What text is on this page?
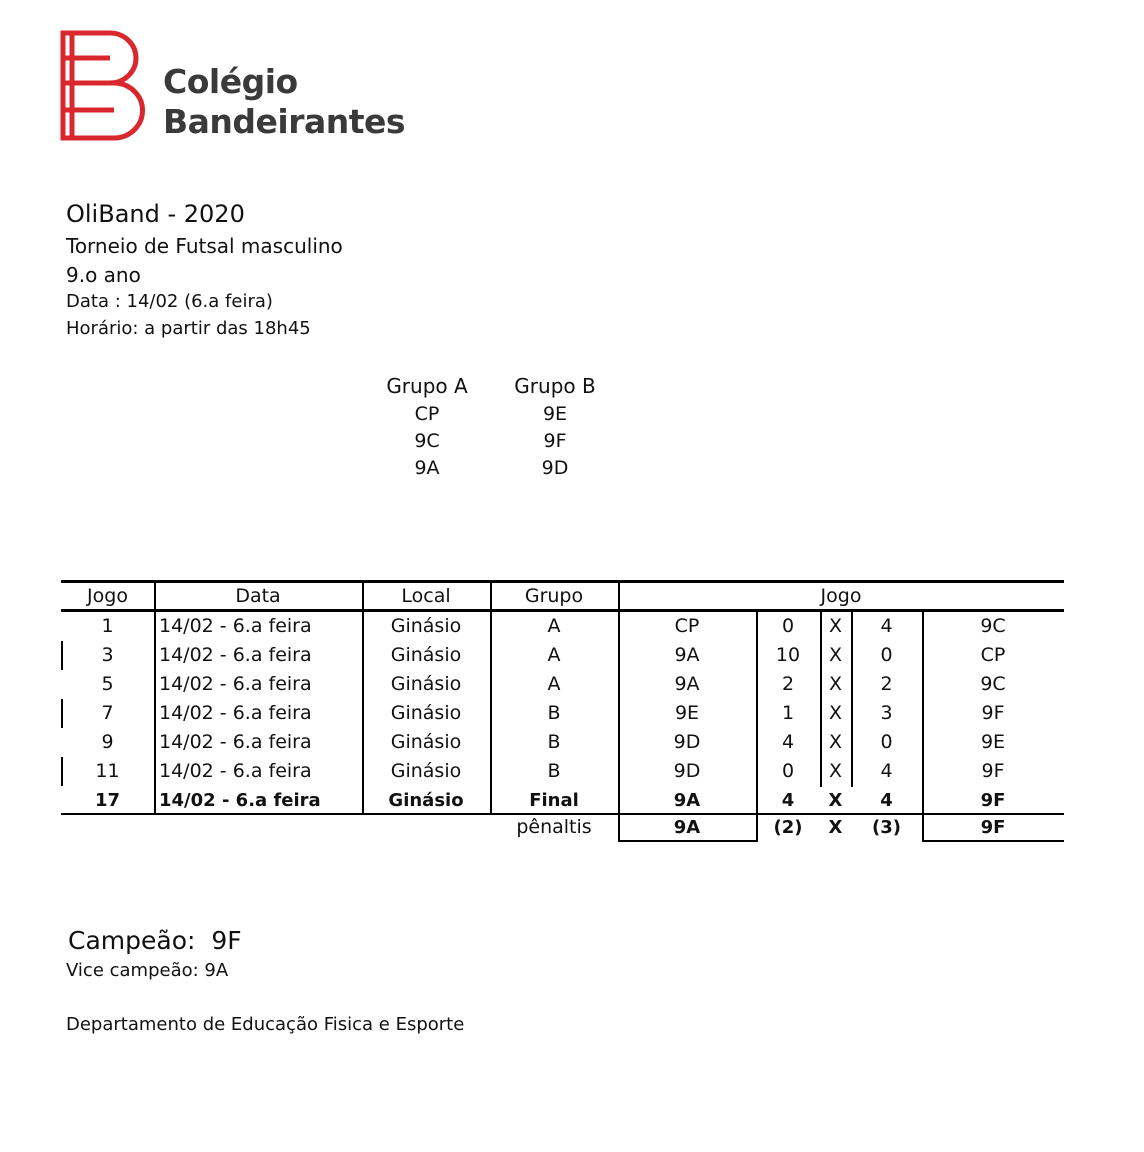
Colégio
Bandeirantes
OliBand - 2020
Torneio de Futsal masculino
9.o ano
Data : 14/02 (6.a feira)
Horário: a partir das 18h45
Grupo A
CP
9C
9A
Grupo B
9E
9F
9D
Jogo	Data	Local	Grupo	Jogo
1	14/02 - 6.a feira	Ginásio	A	CP	0	X	4	9C
3	14/02 - 6.a feira	Ginásio	A	9A	10	X	0	CP
5	14/02 - 6.a feira	Ginásio	A	9A	2	X	2	9C
7	14/02 - 6.a feira	Ginásio	B	9E	1	X	3	9F
9	14/02 - 6.a feira	Ginásio	B	9D	4	X	0	9E
11	14/02 - 6.a feira	Ginásio	B	9D	0	X	4	9F
17	14/02 - 6.a feira	Ginásio	Final	9A	4	X	4	9F
pênaltis	9A	(2)	X	(3)	9F
Campeão: 9F
Vice campeão: 9A
Departamento de Educação Fisica e Esporte
